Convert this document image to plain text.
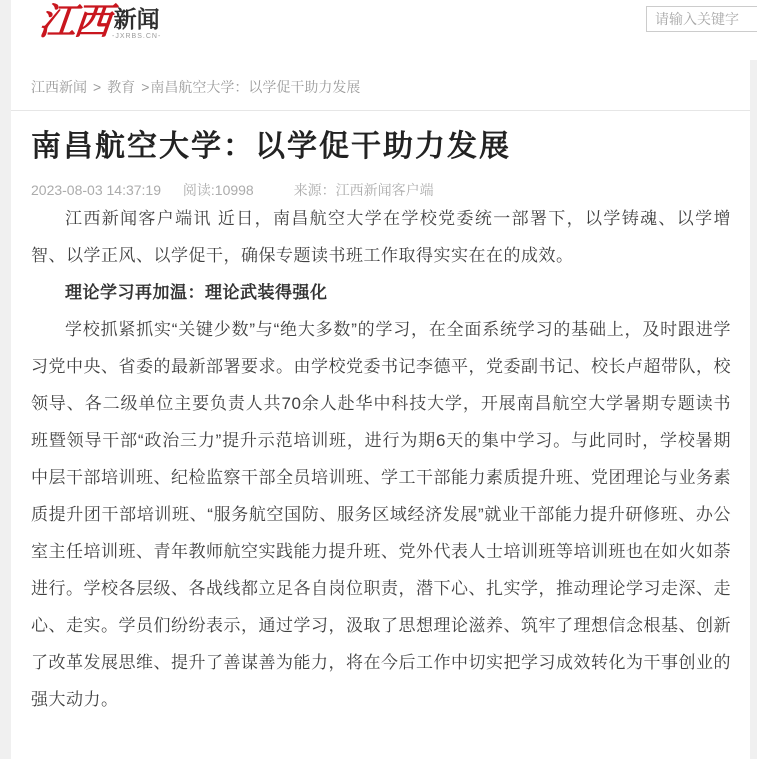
江西 新闻
-JXRBS.CN-
请输入关键字
江西新闻 > 教育 >南昌航空大学：以学促干助力发展
南昌航空大学：以学促干助力发展
2023-08-03 14:37:19 阅读:10998	来源：江西新闻客户端

江西新闻客户端讯 近日，南昌航空大学在学校党委统一部署下，以学铸魂、以学增智、以学正风、以学促干，确保专题读书班工作取得实实在在的成效。

理论学习再加温：理论武装得强化

学校抓紧抓实“关键少数”与“绝大多数”的学习，在全面系统学习的基础上，及时跟进学习党中央、省委的最新部署要求。由学校党委书记李德平，党委副书记、校长卢超带队，校领导、各二级单位主要负责人共70余人赴华中科技大学，开展南昌航空大学暑期专题读书班暨领导干部“政治三力”提升示范培训班，进行为期6天的集中学习。与此同时，学校暑期中层干部培训班、纪检监察干部全员培训班、学工干部能力素质提升班、党团理论与业务素质提升团干部培训班、“服务航空国防、服务区域经济发展”就业干部能力提升研修班、办公室主任培训班、青年教师航空实践能力提升班、党外代表人士培训班等培训班也在如火如荼进行。学校各层级、各战线都立足各自岗位职责，潜下心、扎实学，推动理论学习走深、走心、走实。学员们纷纷表示，通过学习，汲取了思想理论滋养、筑牢了理想信念根基、创新了改革发展思维、提升了善谋善为能力，将在今后工作中切实把学习成效转化为干事创业的强大动力。
